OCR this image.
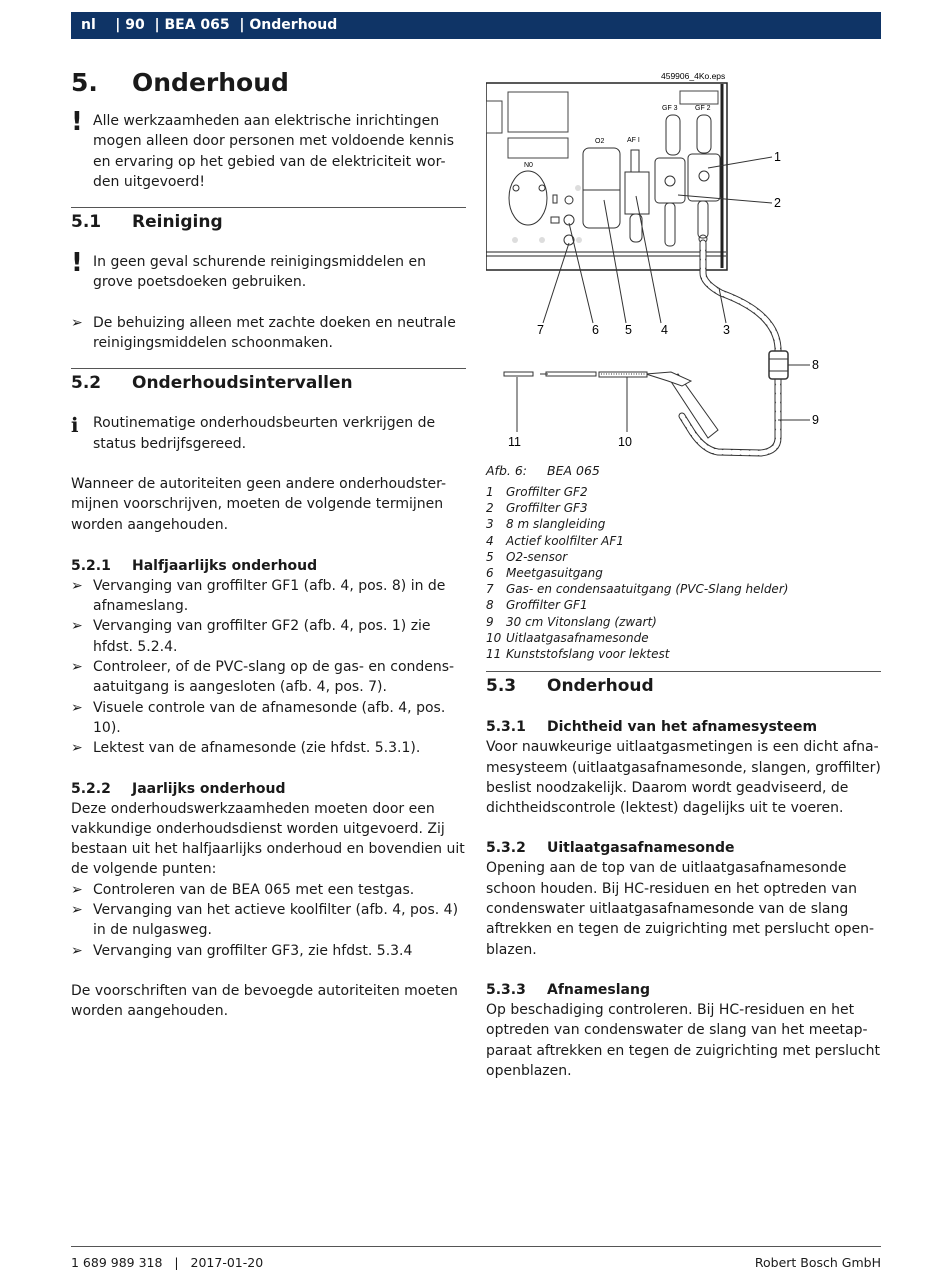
nl    | 90  | BEA 065  | Onderhoud
5. Onderhoud
! Alle werkzaamheden aan elektrische inrichtingen mogen alleen door personen met voldoende kennis en ervaring op het gebied van de elektriciteit wor-den uitgevoerd!
5.1 Reiniging
! In geen geval schurende reinigingsmiddelen en grove poetsdoeken gebruiken.
➢ De behuizing alleen met zachte doeken en neutrale reinigingsmiddelen schoonmaken.
5.2 Onderhoudsintervallen
ℹ Routinematige onderhoudsbeurten verkrijgen de status bedrijfsgereed.

Wanneer de autoriteiten geen andere onderhoudster-mijnen voorschrijven, moeten de volgende termijnen worden aangehouden.

5.2.1 Halfjaarlijks onderhoud
➢ Vervanging van groffilter GF1 (afb. 4, pos. 8) in de afnameslang.
➢ Vervanging van groffilter GF2 (afb. 4, pos. 1) zie hfdst. 5.2.4.
➢ Controleer, of de PVC-slang op de gas- en condens-aatuitgang is aangesloten (afb. 4, pos. 7).
➢ Visuele controle van de afnamesonde (afb. 4, pos. 10).
➢ Lektest van de afnamesonde (zie hfdst. 5.3.1).
5.2.2 Jaarlijks onderhoud

Deze onderhoudswerkzaamheden moeten door een vakkundige onderhoudsdienst worden uitgevoerd. Zij bestaan uit het halfjaarlijks onderhoud en bovendien uit de volgende punten:

➢ Controleren van de BEA 065 met een testgas.
➢ Vervanging van het actieve koolfilter (afb. 4, pos. 4) in de nulgasweg.
➢ Vervanging van groffilter GF3, zie hfdst. 5.3.4

De voorschriften van de bevoegde autoriteiten moeten worden aangehouden.

459906_4Ko.eps
N0
O2	AF I
GF 3 GF 2
1
2
3
4
5
6
7
8
9
10
11
Afb. 6: BEA 065
1 Groffilter GF2
2 Groffilter GF3
3 8 m slangleiding
4 Actief koolfilter AF1
5 O2-sensor
6 Meetgasuitgang
7 Gas- en condensaatuitgang (PVC-Slang helder)
8 Groffilter GF1
9 30 cm Vitonslang (zwart)
10 Uitlaatgasafnamesonde
11 Kunststofslang voor lektest
5.3 Onderhoud
5.3.1 Dichtheid van het afnamesysteem

Voor nauwkeurige uitlaatgasmetingen is een dicht afna-mesysteem (uitlaatgasafnamesonde, slangen, groffilter) beslist noodzakelijk. Daarom wordt geadviseerd, de dichtheidscontrole (lektest) dagelijks uit te voeren.

5.3.2 Uitlaatgasafnamesonde

Opening aan de top van de uitlaatgasafnamesonde schoon houden. Bij HC-residuen en het optreden van condenswater uitlaatgasafnamesonde van de slang aftrekken en tegen de zuigrichting met perslucht open-blazen.

5.3.3 Afnameslang

Op beschadiging controleren. Bij HC-residuen en het optreden van condenswater de slang van het meetap-paraat aftrekken en tegen de zuigrichting met perslucht openblazen.

1 689 989 318   |   2017-01-20	Robert Bosch GmbH
